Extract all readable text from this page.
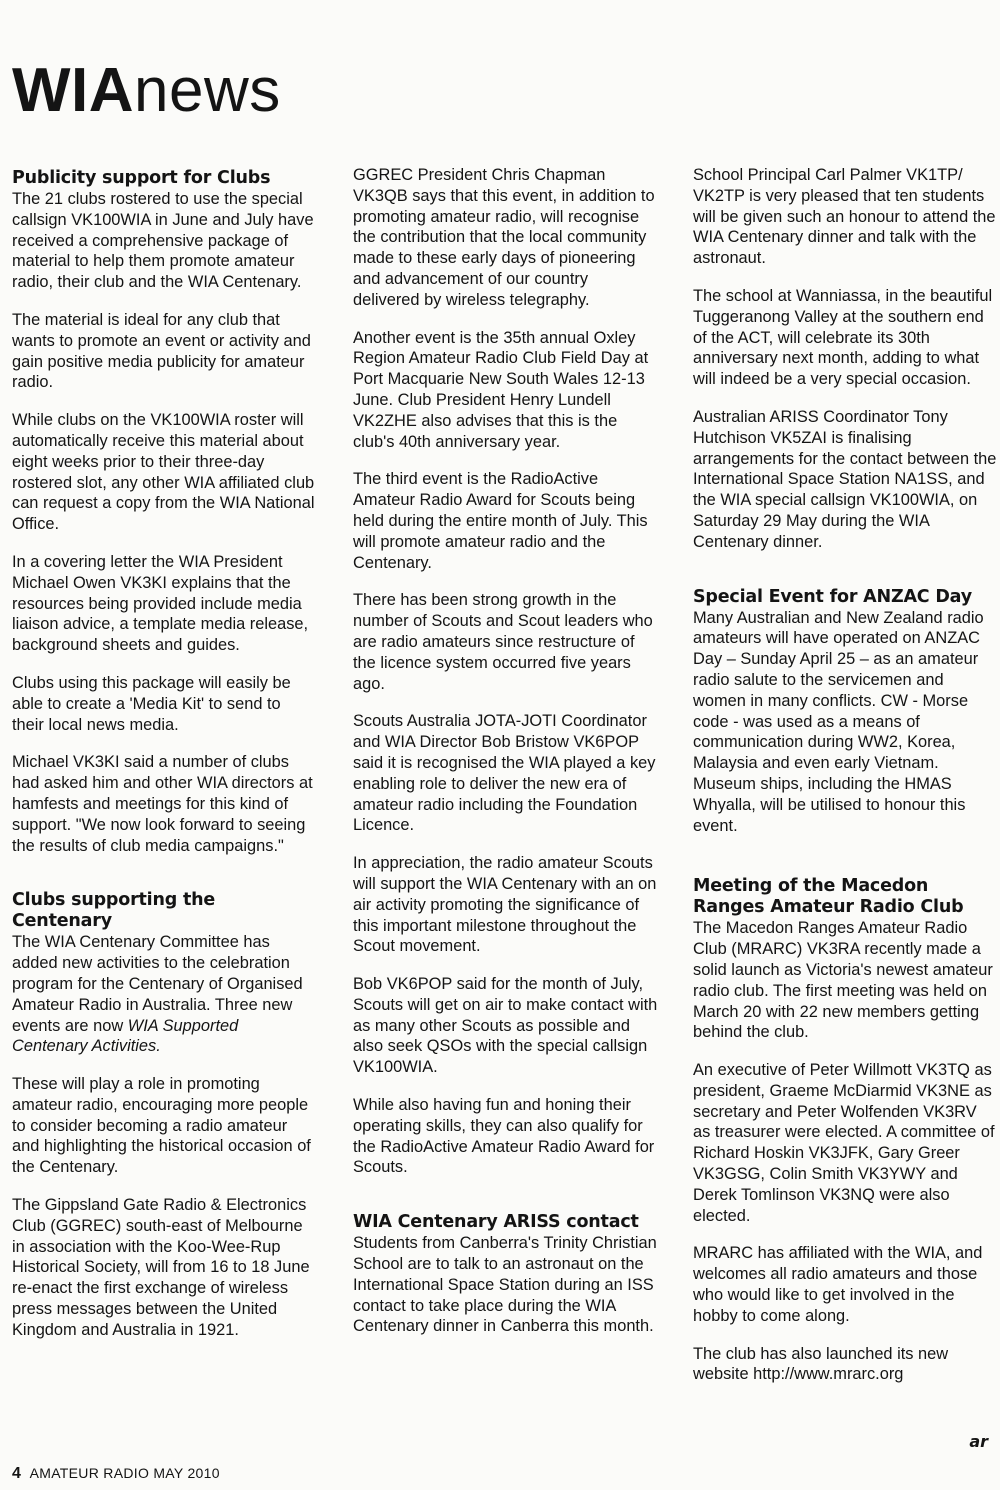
WIAnews
Publicity support for Clubs

The 21 clubs rostered to use the special callsign VK100WIA in June and July have received a comprehensive package of material to help them promote amateur radio, their club and the WIA Centenary.

The material is ideal for any club that wants to promote an event or activity and gain positive media publicity for amateur radio.

While clubs on the VK100WIA roster will automatically receive this material about eight weeks prior to their three-day rostered slot, any other WIA affiliated club can request a copy from the WIA National Office.

In a covering letter the WIA President Michael Owen VK3KI explains that the resources being provided include media liaison advice, a template media release, background sheets and guides.

Clubs using this package will easily be able to create a 'Media Kit' to send to their local news media.

Michael VK3KI said a number of clubs had asked him and other WIA directors at hamfests and meetings for this kind of support. "We now look forward to seeing the results of club media campaigns."

Clubs supporting the Centenary

The WIA Centenary Committee has added new activities to the celebration program for the Centenary of Organised Amateur Radio in Australia. Three new events are now WIA Supported Centenary Activities.

These will play a role in promoting amateur radio, encouraging more people to consider becoming a radio amateur and highlighting the historical occasion of the Centenary.

The Gippsland Gate Radio & Electronics Club (GGREC) south-east of Melbourne in association with the Koo-Wee-Rup Historical Society, will from 16 to 18 June re-enact the first exchange of wireless press messages between the United Kingdom and Australia in 1921.

GGREC President Chris Chapman VK3QB says that this event, in addition to promoting amateur radio, will recognise the contribution that the local community made to these early days of pioneering and advancement of our country delivered by wireless telegraphy.

Another event is the 35th annual Oxley Region Amateur Radio Club Field Day at Port Macquarie New South Wales 12-13 June. Club President Henry Lundell VK2ZHE also advises that this is the club's 40th anniversary year.

The third event is the RadioActive Amateur Radio Award for Scouts being held during the entire month of July. This will promote amateur radio and the Centenary.

There has been strong growth in the number of Scouts and Scout leaders who are radio amateurs since restructure of the licence system occurred five years ago.

Scouts Australia JOTA-JOTI Coordinator and WIA Director Bob Bristow VK6POP said it is recognised the WIA played a key enabling role to deliver the new era of amateur radio including the Foundation Licence.

In appreciation, the radio amateur Scouts will support the WIA Centenary with an on air activity promoting the significance of this important milestone throughout the Scout movement.

Bob VK6POP said for the month of July, Scouts will get on air to make contact with as many other Scouts as possible and also seek QSOs with the special callsign VK100WIA.

While also having fun and honing their operating skills, they can also qualify for the RadioActive Amateur Radio Award for Scouts.

WIA Centenary ARISS contact

Students from Canberra's Trinity Christian School are to talk to an astronaut on the International Space Station during an ISS contact to take place during the WIA Centenary dinner in Canberra this month.

School Principal Carl Palmer VK1TP/ VK2TP is very pleased that ten students will be given such an honour to attend the WIA Centenary dinner and talk with the astronaut.

The school at Wanniassa, in the beautiful Tuggeranong Valley at the southern end of the ACT, will celebrate its 30th anniversary next month, adding to what will indeed be a very special occasion.

Australian ARISS Coordinator Tony Hutchison VK5ZAI is finalising arrangements for the contact between the International Space Station NA1SS, and the WIA special callsign VK100WIA, on Saturday 29 May during the WIA Centenary dinner.

Special Event for ANZAC Day

Many Australian and New Zealand radio amateurs will have operated on ANZAC Day – Sunday April 25 – as an amateur radio salute to the servicemen and women in many conflicts. CW - Morse code - was used as a means of communication during WW2, Korea, Malaysia and even early Vietnam. Museum ships, including the HMAS Whyalla, will be utilised to honour this event.

Meeting of the Macedon Ranges Amateur Radio Club

The Macedon Ranges Amateur Radio Club (MRARC) VK3RA recently made a solid launch as Victoria's newest amateur radio club. The first meeting was held on March 20 with 22 new members getting behind the club.

An executive of Peter Willmott VK3TQ as president, Graeme McDiarmid VK3NE as secretary and Peter Wolfenden VK3RV as treasurer were elected. A committee of Richard Hoskin VK3JFK, Gary Greer VK3GSG, Colin Smith VK3YWY and Derek Tomlinson VK3NQ were also elected.

MRARC has affiliated with the WIA, and welcomes all radio amateurs and those who would like to get involved in the hobby to come along.

The club has also launched its new website http://www.mrarc.org

ar
4 AMATEUR RADIO MAY 2010
